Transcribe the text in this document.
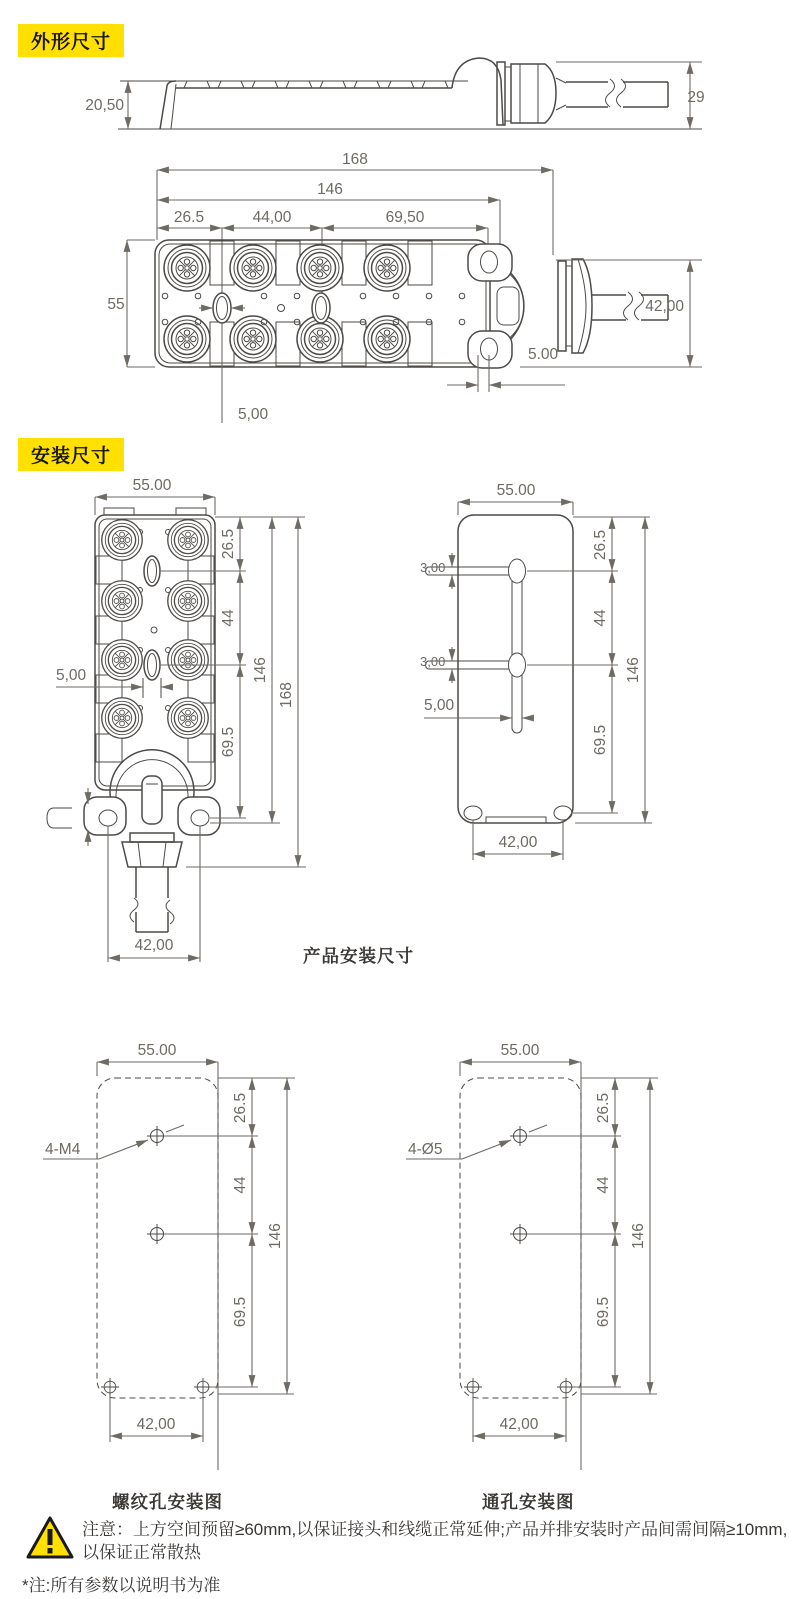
外形尺寸
20,50	29
168
146
26.5	44,00	69,50
55	42,00
5.00
5,00
安装尺寸
55.00
5,00
26.5
44
69.5
146
168
42,00
55.00
3,00
3,00
5,00
26.5
44
69.5
146
42,00
产品安装尺寸
55.00
4-M4
26.5
44
69.5
146
42,00
55.00
4-Ø5
26.5
44
69.5
146
42,00
螺纹孔安装图	通孔安装图
注意：上方空间预留≥60mm,以保证接头和线缆正常延伸;产品并排安装时产品间需间隔≥10mm,以保证正常散热
*注:所有参数以说明书为准
